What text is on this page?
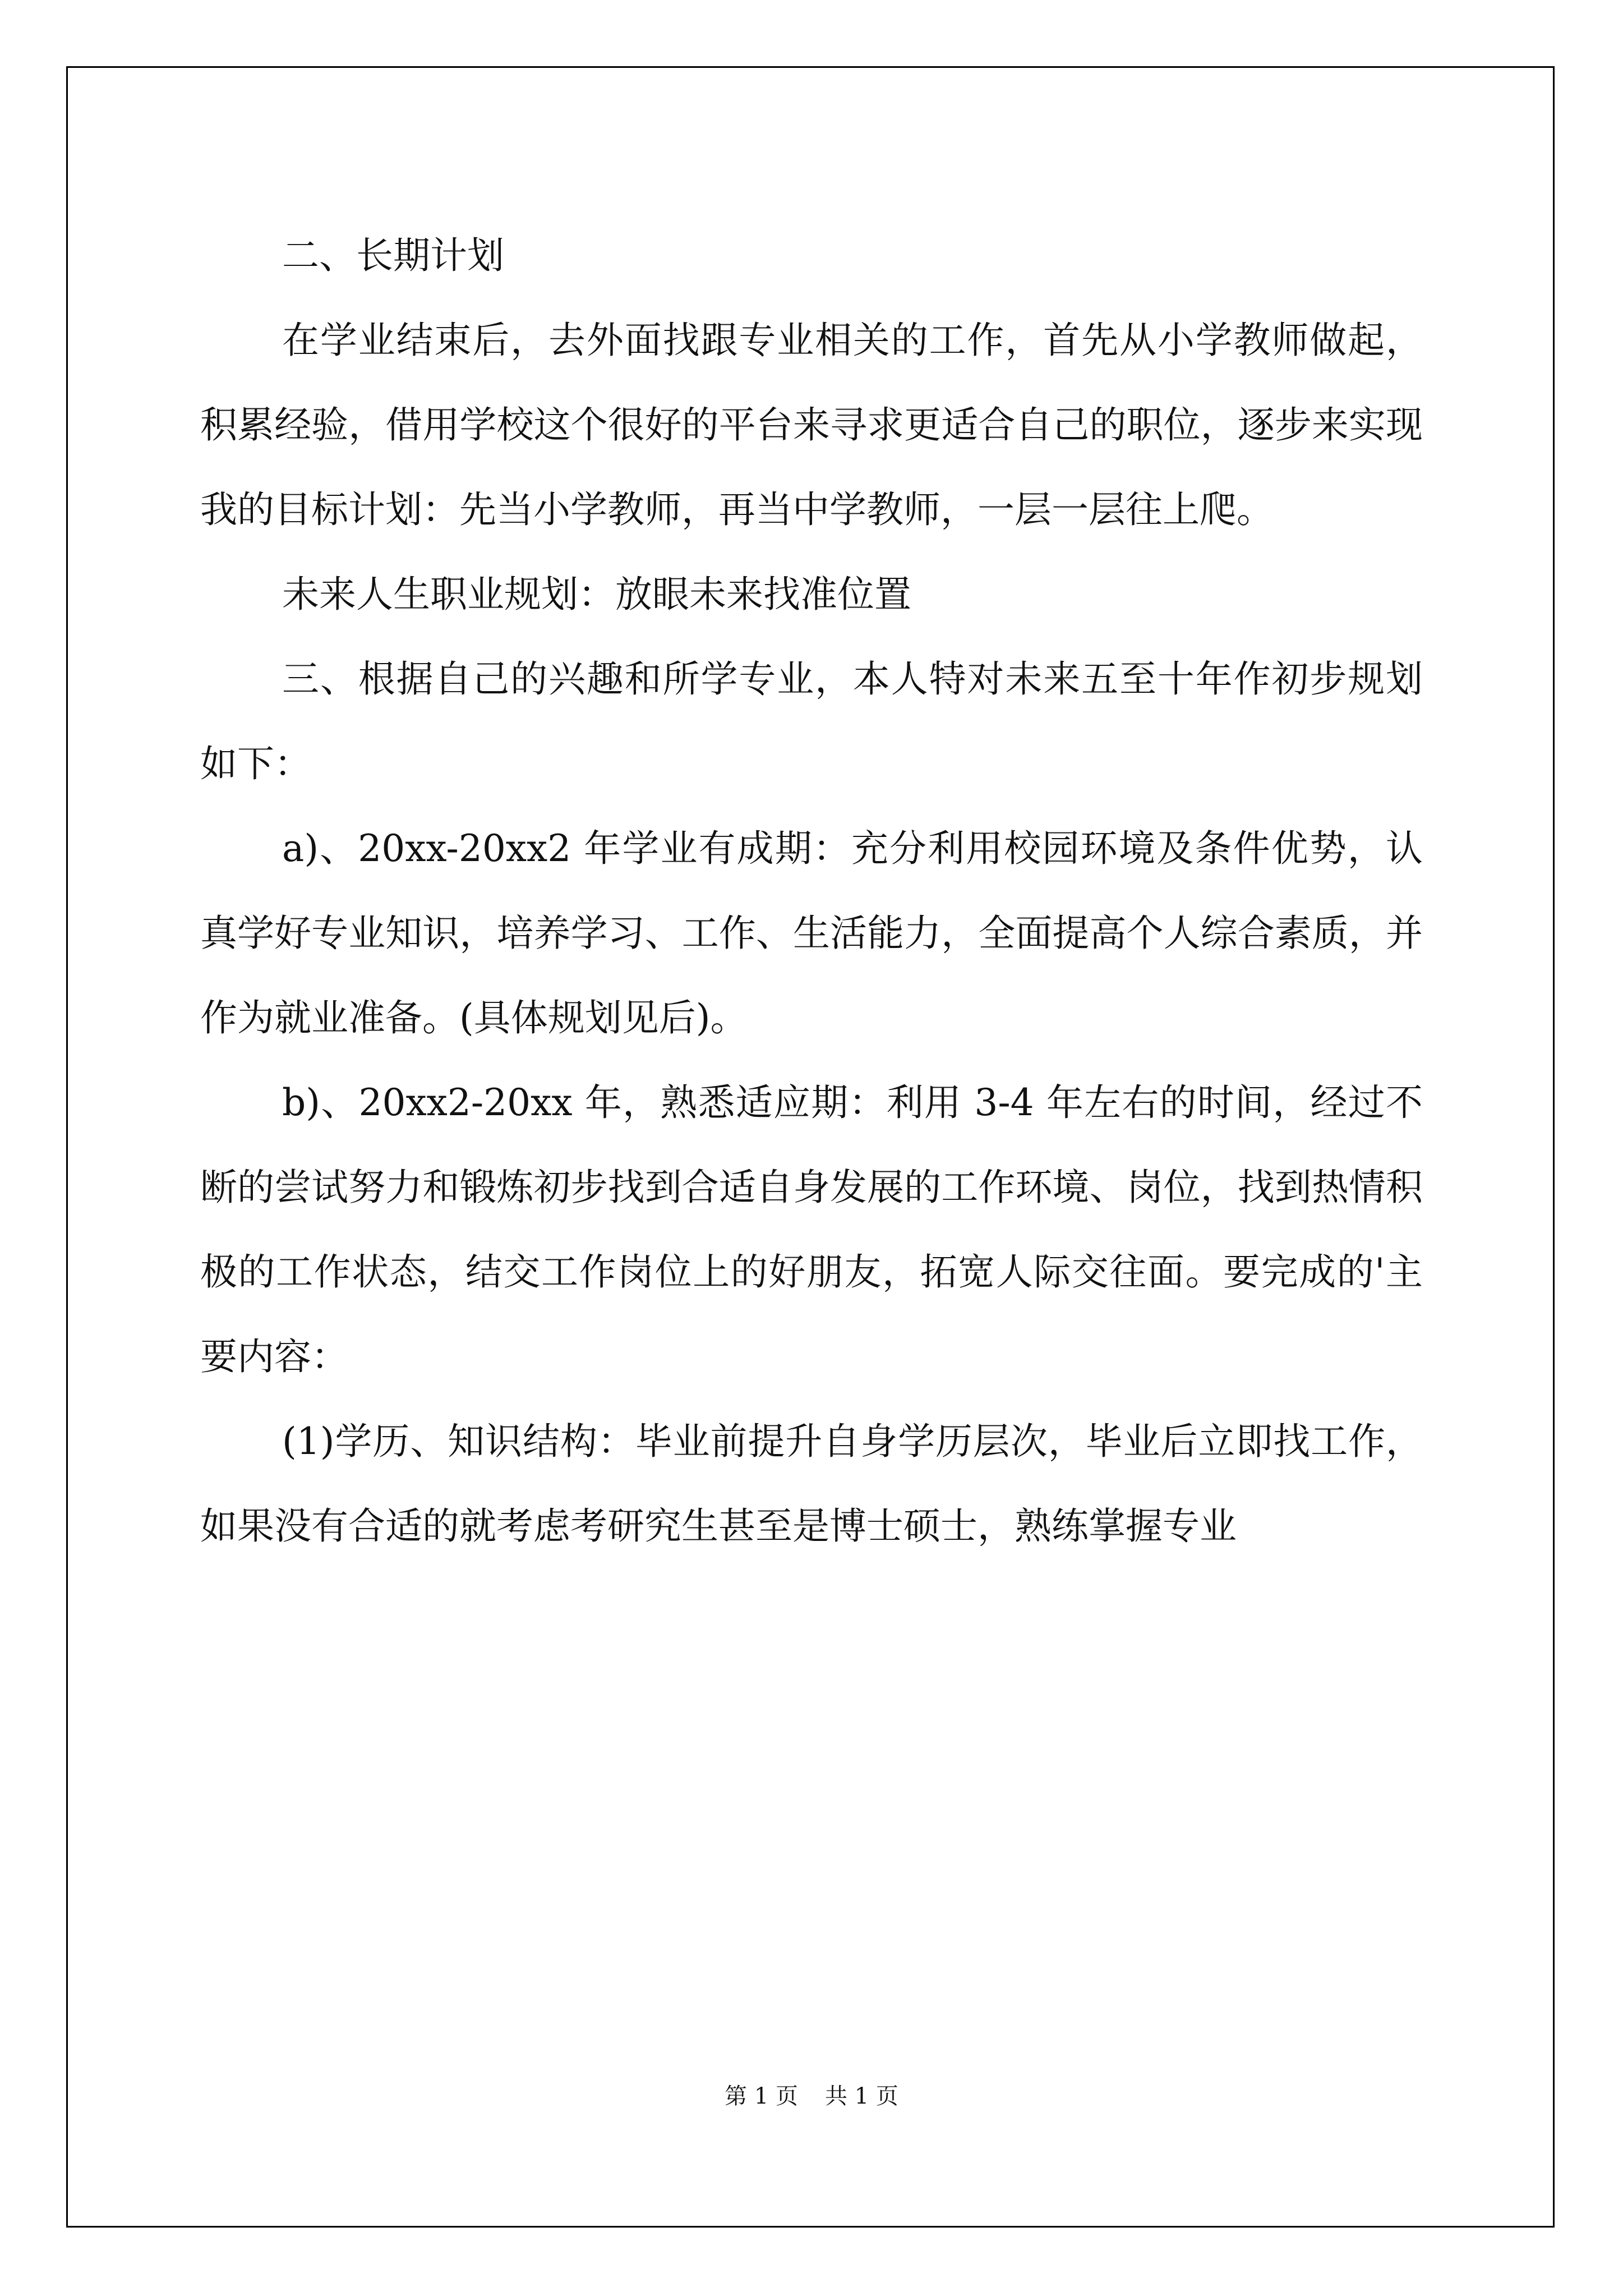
二、长期计划

在学业结束后，去外面找跟专业相关的工作，首先从小学教师做起，积累经验，借用学校这个很好的平台来寻求更适合自己的职位，逐步来实现我的目标计划：先当小学教师，再当中学教师，一层一层往上爬。

未来人生职业规划：放眼未来找准位置

三、根据自己的兴趣和所学专业，本人特对未来五至十年作初步规划如下：

a)、20xx-20xx2 年学业有成期：充分利用校园环境及条件优势，认真学好专业知识，培养学习、工作、生活能力，全面提高个人综合素质，并作为就业准备。(具体规划见后)。

b)、20xx2-20xx 年，熟悉适应期：利用 3-4 年左右的时间，经过不断的尝试努力和锻炼初步找到合适自身发展的工作环境、岗位，找到热情积极的工作状态，结交工作岗位上的好朋友，拓宽人际交往面。要完成的'主要内容：

(1)学历、知识结构：毕业前提升自身学历层次，毕业后立即找工作，如果没有合适的就考虑考研究生甚至是博士硕士，熟练掌握专业

第 1 页 共 1 页
